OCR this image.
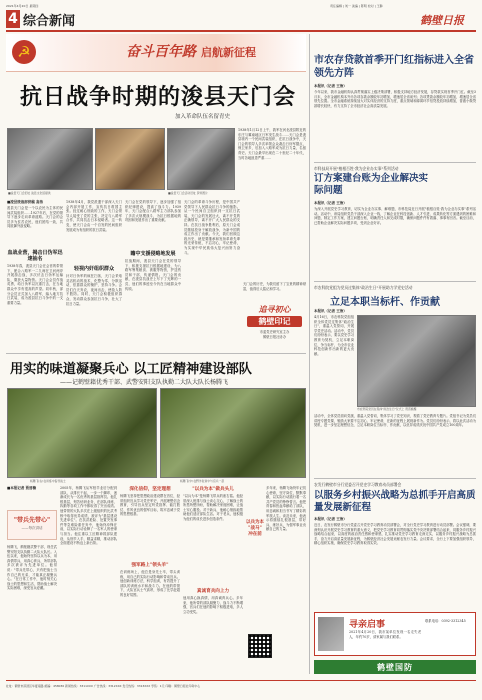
2021年4月20日 星期四	责任编辑 | 刘一 美编 | 陈明 校对 | 王静
4 综合新闻	鹤壁日报
☭	奋斗百年路 启航新征程
抗日战争时期的浚县天门会
加入革命队伍名留青史
■浚县天门会旧址 浚县文化馆提供	■浚县天门会活动旧址 资料图片
1938年1月12日上午，我军在河北浚县附近的东庄与冀南地区日军发生战斗……天门会是浚县境内一个民间武装组织，在抗日战争中，天门会的领导人多次率领会众袭击日伪军据点，保卫家乡，后加入八路军成为抗日力量，名留青史。天门会最早出现在二十世纪二十年代，当时各地匪患严重……
■浚县统战部供稿 高伟
浚县天门会是一个以农民为主体的民间武装组织……1927年后，在党的领导下逐步走向革命道路。天门会的会员多为贫苦农民，他们团结一致，共同抵御外敌侵略。
血战业营，揭击日伪军迅速抽名
1938年春，浚县天门会在会首的带领下，配合八路军一二九师在卫河两岸开展游击战，多次伏击日伪军运输队，缴获大量物资。天门会会员作战英勇，给日伪军以沉重打击，在当地群众中享有很高的声望。同年秋，部分会员正式加入八路军，编入地方抗日武装，成为浚县抗日斗争中的一支重要力量。
1938年4月，我党派遣干部深入天门会内部开展工作，宣传抗日救国主张。经过耐心细致的工作，天门会领导人接受了党的主张，决定与八路军合作，共同抗击日本侵略者。这一转变，使天门会由一个自发的民间组织发展成为有组织的抗日武装。
轻视内奸组织群众
针对日伪军的疯狂扫荡，天门会采取灵活机动的战术，化整为零，分散活动，依靠群众的掩护，坚持斗争。会员们白天务农，夜间出击，使敌人防不胜防。同时，天门会积极组织群众，发动群众参加抗日斗争，壮大了抗日力量。
天门会在党的领导下，逐步加强了组织纪律建设，提高了战斗力。1939年，天门会配合八路军主力部队参加了多次大规模战斗，为抗日根据地的巩固和发展作出了重要贡献。
瞻中支援侵略地发展
抗战期间，浚县天门会在党的领导下，积极支援抗日根据地建设，为八路军筹集粮食、被服等物资，护送伤员和干部，传递情报。天门会的贡献，在浚县抗战史上写下了光辉的一页，他们的事迹至今仍在当地群众中传颂。
天门会的革命斗争历程，是中国共产党领导下人民群众抗日斗争的缩影。从一个民间自卫组织到一支抗日武装，天门会的发展壮大，离不开党的正确领导，离不开广大人民群众的支持。在抗日战争胜利后，原天门会成员继续投身于解放战争，为新中国的成立作出了贡献。今天，我们回顾这段历史，就是要继承和发扬革命先辈的光荣传统，不忘初心，牢记使命，为实现中华民族伟大复兴而努力奋斗。
天门会的历史，为我们留下了宝贵的精神财富，值得后人铭记和学习。
追寻初心
鹤壁印记
市委党史研究室主办
鹤壁日报社协办
用实的味道凝聚兵心 以工匠精神建设部队
——记鹤壁籍优秀干部、武警安阳支队执勤二大队大队长杨腾飞
杨腾飞(右)在训练中指导战士	杨腾飞(中)在野外驻训中与官兵一起
■本报记者 贾晋楠
"带兵先带心"
——每次讲话
杨腾飞，鹤壁籍武警干部，现任武警安阳支队执勤二大队大队长。入伍以来，他始终坚持以兵为本，用真情带兵，用真心育兵，所带部队多次被评为先进单位。他常说："带兵先带心，只有把战士当作自己的兄弟，才能真正凝聚兵心。"在日常工作中，他时刻关心战士的思想和生活，帮助战士解决实际困难，深受官兵爱戴。
2005年，杨腾飞从军校毕业后分配到部队，从排长干起，一步一个脚印，逐渐成长为一名优秀的基层指挥员。他扎根基层，刻苦钻研业务，在部队训练、执勤等各项工作中都取得了突出成绩。他带领的大队多次在上级组织的比武考核中取得优异成绩，被评为"基层建设先进单位"。在抗洪抢险、处置突发事件等急难险重任务中，他始终冲锋在前，以实际行动诠释了一名军人的使命与担当。他注重以工匠精神抓部队建设，从细节入手，精益求精，推动部队全面建设不断迈上新台阶。
深化信仰，坚定理想
杨腾飞坚持把思想政治建设摆在首位，经常组织官兵学习党史军史，开展理想信念教育，引导官兵坚定听党指挥、能打胜仗、作风优良的强军目标，筑牢忠诚于党的思想根基。
强军路上"领头羊"
在训练场上，他总是身先士卒，带头训练，用自己的实际行动影响和带动官兵。他创新训练方法，科学组训，有效提升了部队的训练水平和战斗力。在他的带领下，大队官兵士气高昂，形成了比学赶超的良好氛围。
"以兵为本"做兵头儿
"以兵为本"是杨腾飞带兵的座右铭。他经常深入班排与战士谈心交心，了解战士的所思所想所盼，帮助解决家庭困难，让战士安心服役。对于新兵，他耐心细致地帮助他们适应部队生活。对于老兵，他积极为他们的成长进步创造条件。
真诚育兵向上力
他用真心换真情，用真诚育兵心。多年来，他所带的部队凝聚力、战斗力不断增强，官兵们在他的影响下积极进取，多人立功受奖。
以兵为本
"战马"
冲在前
多年来，杨腾飞始终牢记初心使命，坚守岗位，默默奉献，以实际行动践行着一名共产党员的铮铮誓言。他把青春和热血奉献给了部队，用忠诚和担当书写了精彩的军旅人生。谈及未来，他表示将继续扎根基层，带好兵，练好兵，为强军事业贡献自己的力量。
市农存贷款首季开门红指标进入全省领先方阵
本报讯（记者 王治）
今年以来，我市金融机构认真贯彻落实上级决策部署，积极支持地方经济发展，存贷款实现首季开门红。截至3月末，全市金融机构本外币各项存款余额较年初增加，增速居全省前列；各项贷款余额较年初增加，增速居全省领先位置。全市金融系统持续加大对实体经济的支持力度，重点领域和薄弱环节信贷投放持续增加，普惠小微贷款增长较快，有力支持了全市经济社会高质量发展。
市科技局开展"植根百姓·我为企业办实事"系列活动
订方案建台账为企业解决实际问题
本报讯（记者 王治）
为深入开展党史学习教育，切实为企业办实事、解难题，市科技局近日开展"植根百姓·我为企业办实事"系列活动。活动中，该局组织党员干部深入企业一线，了解企业在科技创新、人才引进、成果转化等方面遇到的困难和问题，制定工作方案，建立问题台账，明确责任人和完成时限，确保问题件件有着落、事事有回音。截至目前，已帮助企业解决实际问题多项，受到企业好评。
市农科院党组为党员过集体"政治生日"开展助力学党史活动
立足本职当标杆、作贡献
本报讯（记者 王治）
4月16日，市农科院党组组织全体党员过集体"政治生日"，重温入党誓词，开展学党史活动。活动中，党员们纷纷表示，要以党史学习教育为契机，立足本职岗位，争当标杆，为全市农业科技创新作出新的更大贡献。
市农科院党员在集体"政治生日"仪式上 贾晋楠摄
活动中，全体党员面向党旗，重温入党誓词，集体学习了党史知识，观看了党史教育专题片。党组书记为党员们讲授专题党课，勉励大家要不忘初心、牢记使命，在新的征程上展现新作为。党员们纷纷表示，将以此次活动为契机，进一步坚定理想信念，立足本职岗位当标杆、作贡献，以优异成绩庆祝中国共产党成立100周年。
农发行鹤壁市分行党委召开党史学习教育动员部署会
以服务乡村振兴战略为总抓手开启高质量发展新征程
本报讯（记者 王治）
近日，农发行鹤壁市分行党委召开党史学习教育动员部署会，对全行党史学习教育进行动员部署。会议强调，要深刻认识开展党史学习教育的重大意义，把党史学习教育同贯彻落实党中央决策部署结合起来，同服务乡村振兴战略结合起来，以高度的政治责任感和使命感，扎实推动党史学习教育走深走实，以服务乡村振兴战略为总抓手，奋力开启高质量发展新征程，为鹤壁经济社会发展贡献农发行力量。会议要求，全行上下要加强组织领导，精心组织实施，确保党史学习教育取得实效。
寻亲启事
2021年4月20日，我市某单位发现一名走失老人，年约70岁，请家属与我们联系。
联系电话：0392-3312345
鹤壁国防
社址：鹤壁市淇滨区华夏南路 邮编：458030 新闻热线：3311XXX 广告热线：3312XXX 发行热线：3313XXX 零售：1元 印刷：鹤壁日报社印务中心
